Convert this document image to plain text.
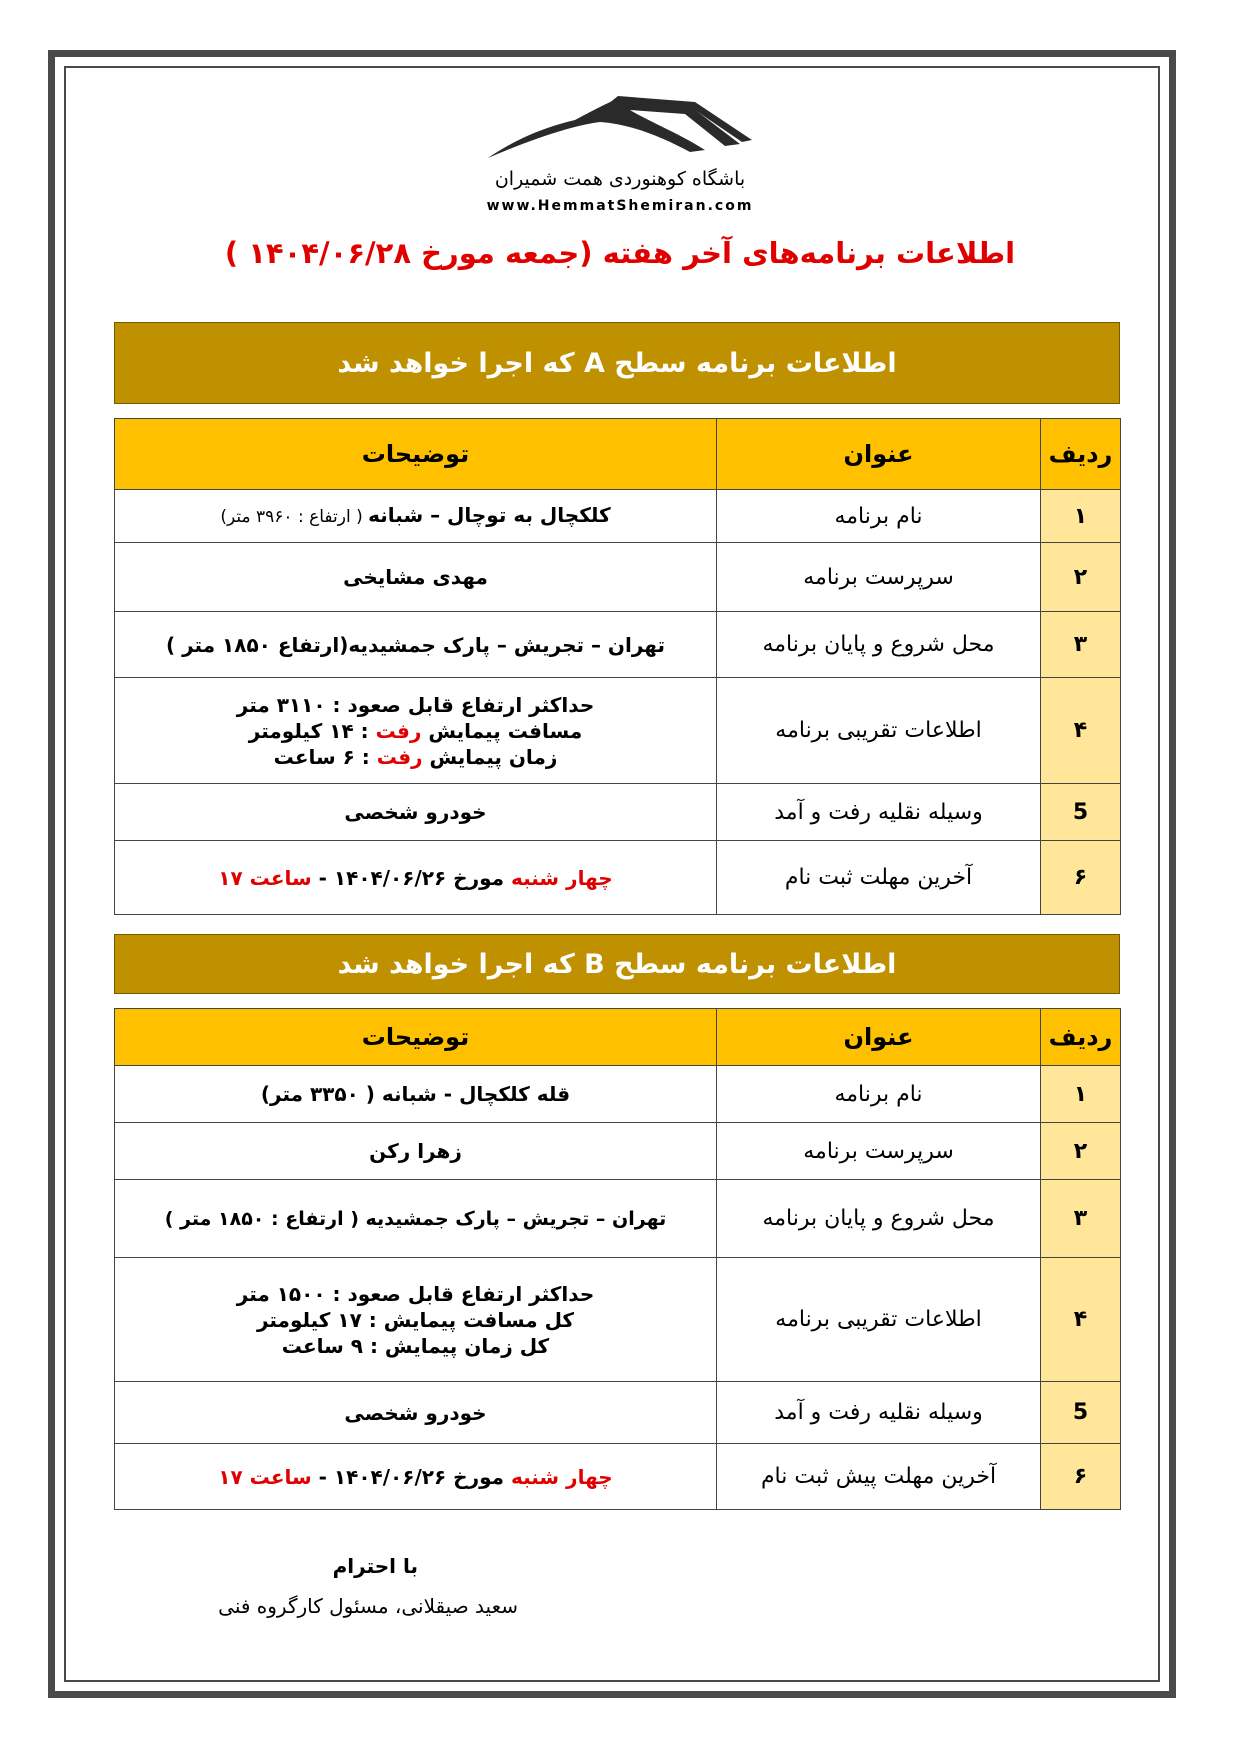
باشگاه کوهنوردی همت شمیران
www.HemmatShemiran.com
اطلاعات برنامه‌های آخر هفته (جمعه مورخ ۱۴۰۴/۰۶/۲۸ )
اطلاعات برنامه سطح A که اجرا خواهد شد
ردیف	عنوان	توضیحات
۱	نام برنامه	کلکچال به توچال – شبانه ( ارتفاع : ۳۹۶۰ متر)
۲	سرپرست برنامه	مهدی مشایخی
۳	محل شروع و پایان برنامه	تهران – تجریش – پارک جمشیدیه(ارتفاع ۱۸۵۰ متر )
۴	اطلاعات تقریبی برنامه	حداکثر ارتفاع قابل صعود : ۳۱۱۰ متر
مسافت پیمایش رفت : ۱۴ کیلومتر
زمان پیمایش رفت : ۶ ساعت

5	وسیله نقلیه رفت و آمد	خودرو شخصی
۶	آخرین مهلت ثبت نام	چهار شنبه مورخ ۱۴۰۴/۰۶/۲۶ - ساعت ۱۷
اطلاعات برنامه سطح B که اجرا خواهد شد
ردیف	عنوان	توضیحات
۱	نام برنامه	قله کلکچال - شبانه ( ۳۳۵۰ متر)
۲	سرپرست برنامه	زهرا رکن
۳	محل شروع و پایان برنامه	تهران – تجریش – پارک جمشیدیه ( ارتفاع : ۱۸۵۰ متر )
۴	اطلاعات تقریبی برنامه	حداکثر ارتفاع قابل صعود : ۱۵۰۰ متر
کل مسافت پیمایش : ۱۷ کیلومتر
کل زمان پیمایش : ۹ ساعت

5	وسیله نقلیه رفت و آمد	خودرو شخصی
۶	آخرین مهلت پیش ثبت نام	چهار شنبه مورخ ۱۴۰۴/۰۶/۲۶ - ساعت ۱۷
با احترام
سعید صیقلانی، مسئول کارگروه فنی
